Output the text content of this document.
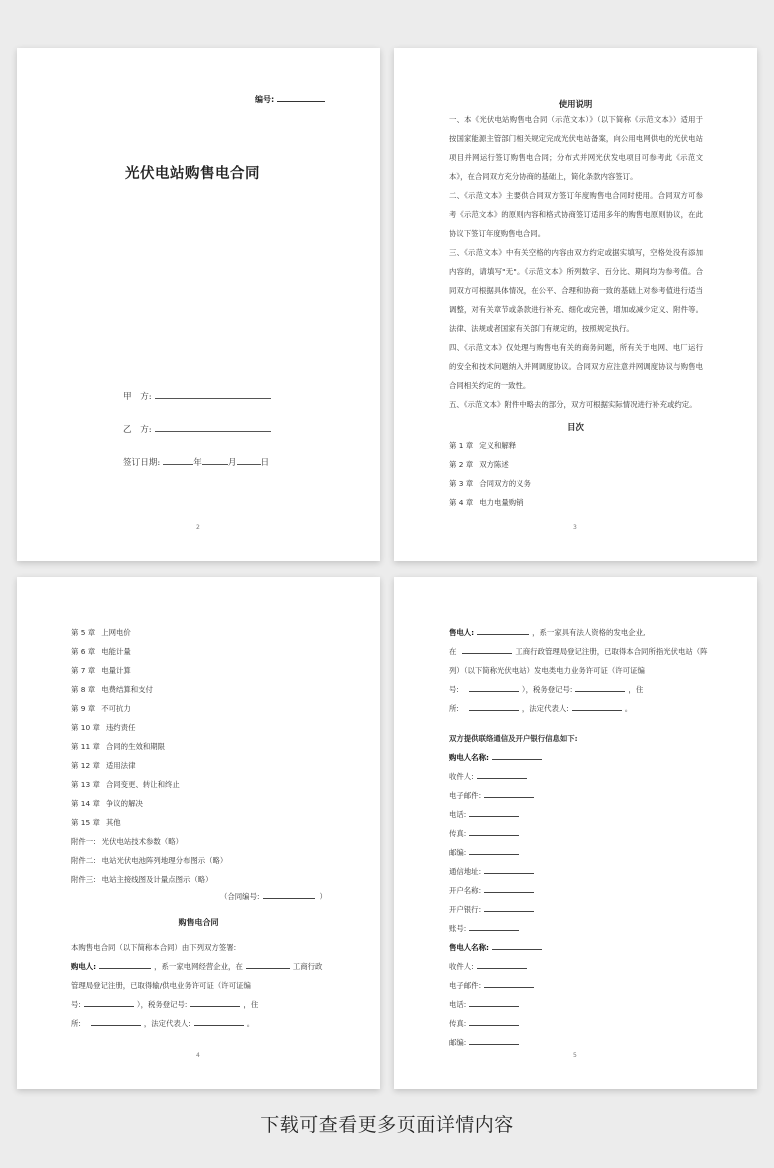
编号:
光伏电站购售电合同
甲　方:
乙　方:
签订日期:	年	月	日
2
使用说明

一、本《光伏电站购售电合同（示范文本）》（以下简称《示范文本》）适用于按国家能源主管部门相关规定完成光伏电站备案，向公用电网供电的光伏电站项目并网运行签订购售电合同；分布式并网光伏发电项目可参考此《示范文本》，在合同双方充分协商的基础上，简化条款内容签订。

二、《示范文本》主要供合同双方签订年度购售电合同时使用。合同双方可参考《示范文本》的原则内容和格式协商签订适用多年的购售电原则协议，在此协议下签订年度购售电合同。

三、《示范文本》中有关空格的内容由双方约定或据实填写，空格处没有添加内容的，请填写"无"。《示范文本》所列数字、百分比、期间均为参考值。合同双方可根据具体情况，在公平、合理和协商一致的基础上对参考值进行适当调整，对有关章节或条款进行补充、细化或完善，增加或减少定义、附件等。法律、法规或者国家有关部门有规定的，按照规定执行。

四、《示范文本》仅处理与购售电有关的商务问题，所有关于电网、电厂运行的安全和技术问题纳入并网调度协议。合同双方应注意并网调度协议与购售电合同相关约定的一致性。

五、《示范文本》附件中略去的部分，双方可根据实际情况进行补充或约定。

目次
第 1 章 定义和解释
第 2 章 双方陈述
第 3 章 合同双方的义务
第 4 章 电力电量购销
3
第 5 章 上网电价
第 6 章 电能计量
第 7 章 电量计算
第 8 章 电费结算和支付
第 9 章 不可抗力
第 10 章 违约责任
第 11 章 合同的生效和期限
第 12 章 适用法律
第 13 章 合同变更、转让和终止
第 14 章 争议的解决
第 15 章 其他
附件一: 光伏电站技术参数（略）
附件二: 电站光伏电池阵列地理分布图示（略）
附件三: 电站主接线图及计量点图示（略）
（合同编号:	）
购售电合同
本购售电合同（以下简称本合同）由下列双方签署:
购电人:	，系一家电网经营企业，在	工商行政
管理局登记注册，已取得输/供电业务许可证（许可证编
号:	），税务登记号:	，住
所:	，法定代表人:	。
4
售电人:	，系一家具有法人资格的发电企业,
在	工商行政管理局登记注册，已取得本合同所指光伏电站（阵
列）（以下简称光伏电站）发电类电力业务许可证（许可证编
号:	），税务登记号:	，住
所:	，法定代表人:	。
双方提供联络通信及开户银行信息如下:
购电人名称:
收件人:
电子邮件:
电话:
传真:
邮编:
通信地址:
开户名称:
开户银行:
账号:
售电人名称:
收件人:
电子邮件:
电话:
传真:
邮编:
5
下载可查看更多页面详情内容
